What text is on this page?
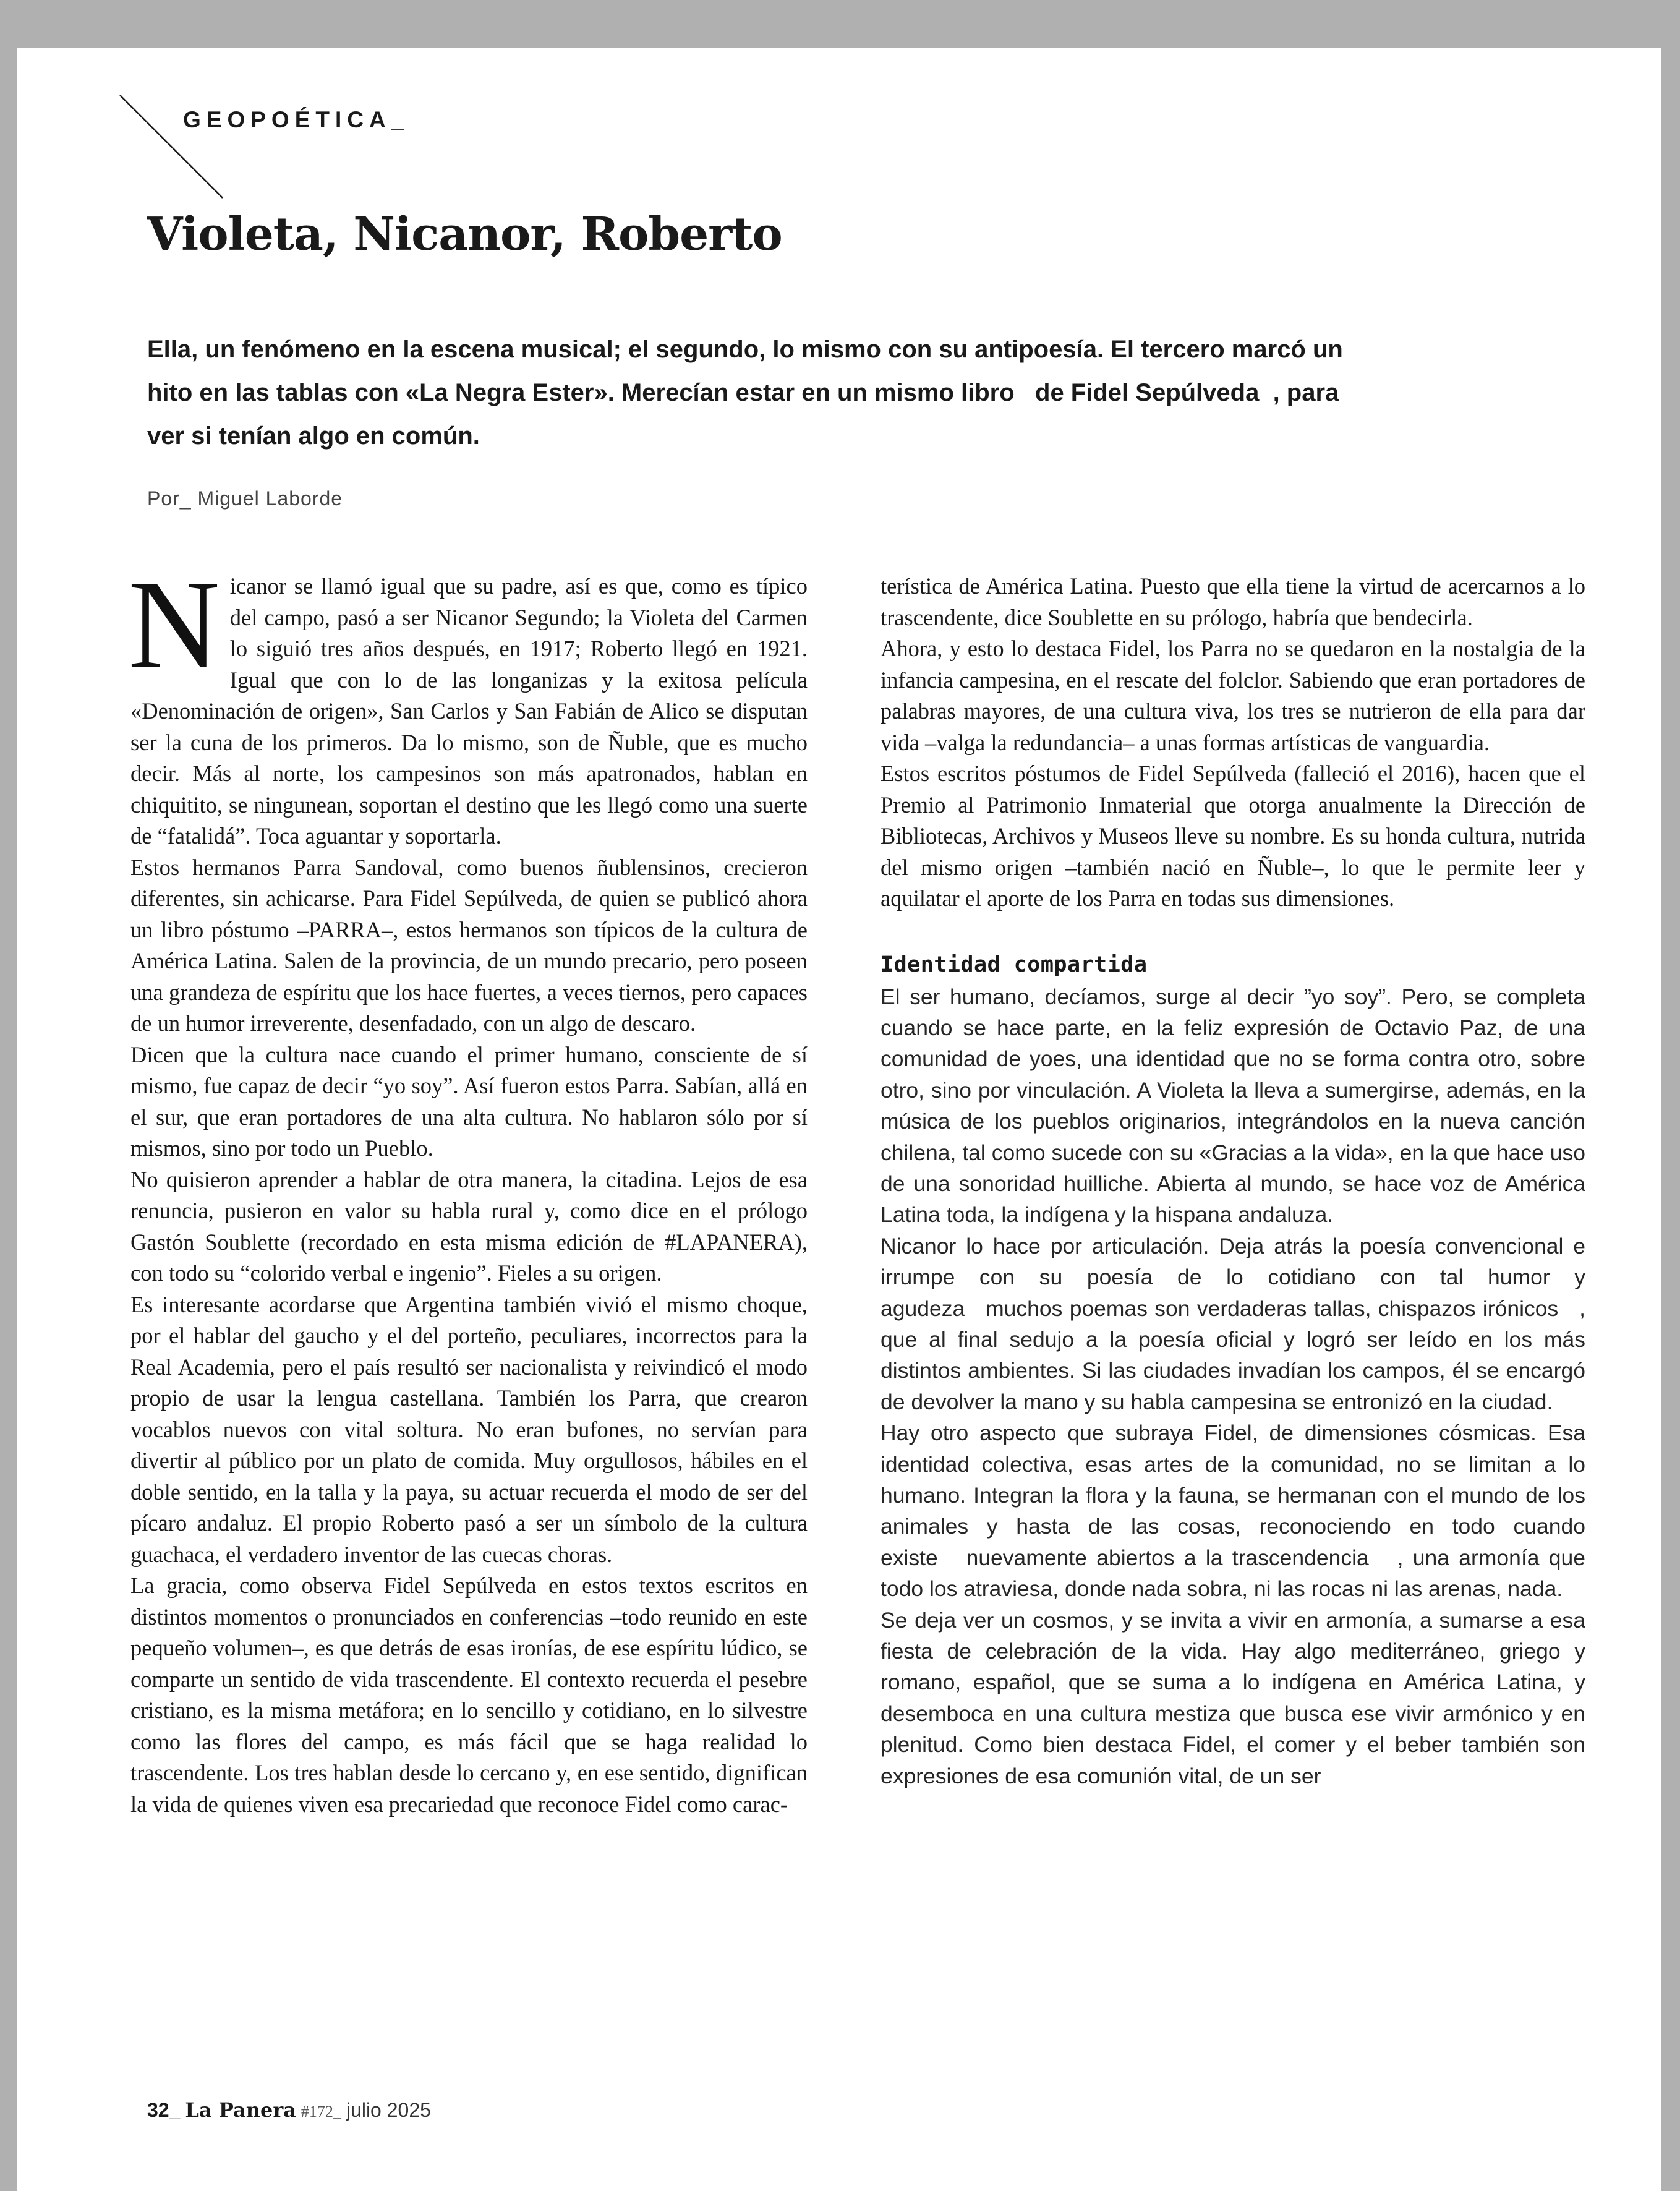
GEOPOÉTICA_
Violeta, Nicanor, Roberto

Ella, un fenómeno en la escena musical; el segundo, lo mismo con su antipoesía. El tercero marcó un hito en las tablas con «La Negra Ester». Merecían estar en un mismo libro   de Fidel Sepúlveda  , para ver si tenían algo en común.

Por_ Miguel Laborde

Nicanor se llamó igual que su padre, así es que, como es típico del campo, pasó a ser Nicanor Segundo; la Violeta del Carmen lo siguió tres años después, en 1917; Roberto llegó en 1921. Igual que con lo de las longanizas y la exitosa película «Denominación de origen», San Carlos y San Fabián de Alico se disputan ser la cuna de los primeros. Da lo mismo, son de Ñuble, que es mucho decir. Más al norte, los campesinos son más apatronados, hablan en chiquitito, se ningunean, soportan el destino que les llegó como una suerte de “fatalidá”. Toca aguantar y soportarla.

Estos hermanos Parra Sandoval, como buenos ñublensinos, crecieron diferentes, sin achicarse. Para Fidel Sepúlveda, de quien se publicó ahora un libro póstumo –PARRA–, estos hermanos son típicos de la cultura de América Latina. Salen de la provincia, de un mundo precario, pero poseen una grandeza de espíritu que los hace fuertes, a veces tiernos, pero capaces de un humor irreverente, desenfadado, con un algo de descaro.

Dicen que la cultura nace cuando el primer humano, consciente de sí mismo, fue capaz de decir “yo soy”. Así fueron estos Parra. Sabían, allá en el sur, que eran portadores de una alta cultura. No hablaron sólo por sí mismos, sino por todo un Pueblo.

No quisieron aprender a hablar de otra manera, la citadina. Lejos de esa renuncia, pusieron en valor su habla rural y, como dice en el prólogo Gastón Soublette (recordado en esta misma edición de #LAPANERA), con todo su “colorido verbal e ingenio”. Fieles a su origen.

Es interesante acordarse que Argentina también vivió el mismo choque, por el hablar del gaucho y el del porteño, peculiares, incorrectos para la Real Academia, pero el país resultó ser nacionalista y reivindicó el modo propio de usar la lengua castellana. También los Parra, que crearon vocablos nuevos con vital soltura. No eran bufones, no servían para divertir al público por un plato de comida. Muy orgullosos, hábiles en el doble sentido, en la talla y la paya, su actuar recuerda el modo de ser del pícaro andaluz. El propio Roberto pasó a ser un símbolo de la cultura guachaca, el verdadero inventor de las cuecas choras.

La gracia, como observa Fidel Sepúlveda en estos textos escritos en distintos momentos o pronunciados en conferencias –todo reunido en este pequeño volumen–, es que detrás de esas ironías, de ese espíritu lúdico, se comparte un sentido de vida trascendente. El contexto recuerda el pesebre cristiano, es la misma metáfora; en lo sencillo y cotidiano, en lo silvestre como las flores del campo, es más fácil que se haga realidad lo trascendente. Los tres hablan desde lo cercano y, en ese sentido, dignifican la vida de quienes viven esa precariedad que reconoce Fidel como carac-

terística de América Latina. Puesto que ella tiene la virtud de acercarnos a lo trascendente, dice Soublette en su prólogo, habría que bendecirla.

Ahora, y esto lo destaca Fidel, los Parra no se quedaron en la nostalgia de la infancia campesina, en el rescate del folclor. Sabiendo que eran portadores de palabras mayores, de una cultura viva, los tres se nutrieron de ella para dar vida –valga la redundancia– a unas formas artísticas de vanguardia.

Estos escritos póstumos de Fidel Sepúlveda (falleció el 2016), hacen que el Premio al Patrimonio Inmaterial que otorga anualmente la Dirección de Bibliotecas, Archivos y Museos lleve su nombre. Es su honda cultura, nutrida del mismo origen –también nació en Ñuble–, lo que le permite leer y aquilatar el aporte de los Parra en todas sus dimensiones.

Identidad compartida

El ser humano, decíamos, surge al decir ”yo soy”. Pero, se completa cuando se hace parte, en la feliz expresión de Octavio Paz, de una comunidad de yoes, una identidad que no se forma contra otro, sobre otro, sino por vinculación. A Violeta la lleva a sumergirse, además, en la música de los pueblos originarios, integrándolos en la nueva canción chilena, tal como sucede con su «Gracias a la vida», en la que hace uso de una sonoridad huilliche. Abierta al mundo, se hace voz de América Latina toda, la indígena y la hispana andaluza.

Nicanor lo hace por articulación. Deja atrás la poesía convencional e irrumpe con su poesía de lo cotidiano con tal humor y agudeza   muchos poemas son verdaderas tallas, chispazos irónicos   , que al final sedujo a la poesía oficial y logró ser leído en los más distintos ambientes. Si las ciudades invadían los campos, él se encargó de devolver la mano y su habla campesina se entronizó en la ciudad.

Hay otro aspecto que subraya Fidel, de dimensiones cósmicas. Esa identidad colectiva, esas artes de la comunidad, no se limitan a lo humano. Integran la flora y la fauna, se hermanan con el mundo de los animales y hasta de las cosas, reconociendo en todo cuando existe   nuevamente abiertos a la trascendencia   , una armonía que todo los atraviesa, donde nada sobra, ni las rocas ni las arenas, nada.

Se deja ver un cosmos, y se invita a vivir en armonía, a sumarse a esa fiesta de celebración de la vida. Hay algo mediterráneo, griego y romano, español, que se suma a lo indígena en América Latina, y desemboca en una cultura mestiza que busca ese vivir armónico y en plenitud. Como bien destaca Fidel, el comer y el beber también son expresiones de esa comunión vital, de un ser

32_ La Panera #172_ julio 2025
